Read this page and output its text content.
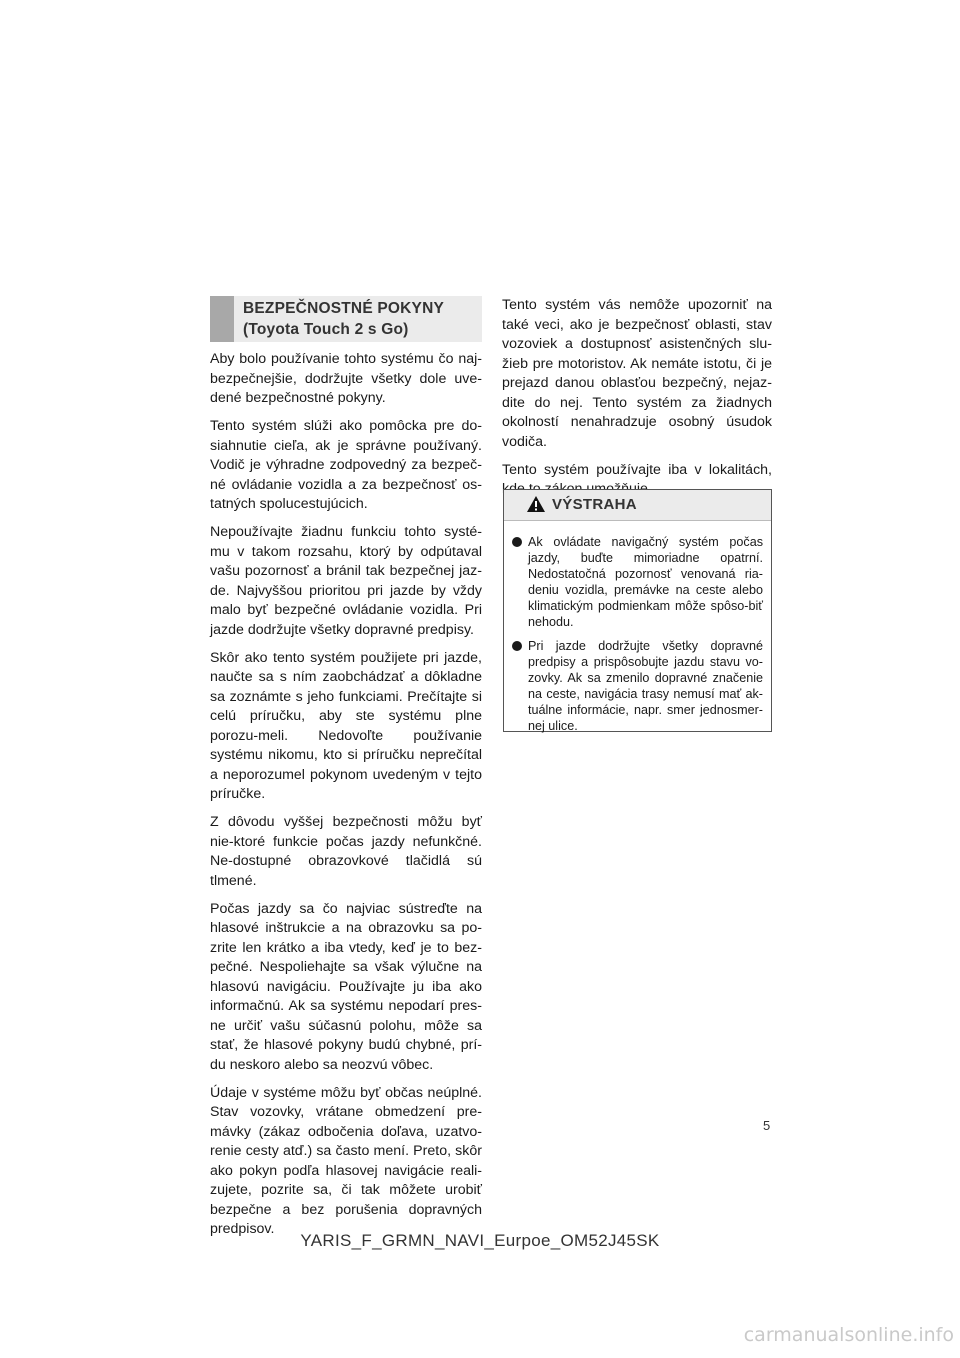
BEZPEČNOSTNÉ POKYNY
(Toyota Touch 2 s Go)

Aby bolo používanie tohto systému čo naj-bezpečnejšie, dodržujte všetky dole uve-dené bezpečnostné pokyny.

Tento systém slúži ako pomôcka pre do-siahnutie cieľa, ak je správne používaný. Vodič je výhradne zodpovedný za bezpeč-né ovládanie vozidla a za bezpečnosť os-tatných spolucestujúcich.

Nepoužívajte žiadnu funkciu tohto systé-mu v takom rozsahu, ktorý by odpútaval vašu pozornosť a bránil tak bezpečnej jaz-de. Najvyššou prioritou pri jazde by vždy malo byť bezpečné ovládanie vozidla. Pri jazde dodržujte všetky dopravné predpisy.

Skôr ako tento systém použijete pri jazde, naučte sa s ním zaobchádzať a dôkladne sa zoznámte s jeho funkciami. Prečítajte si celú príručku, aby ste systému plne porozu-meli. Nedovoľte používanie systému nikomu, kto si príručku neprečítal a neporozumel pokynom uvedeným v tejto príručke.

Z dôvodu vyššej bezpečnosti môžu byť nie-ktoré funkcie počas jazdy nefunkčné. Ne-dostupné obrazovkové tlačidlá sú tlmené.

Počas jazdy sa čo najviac sústreďte na hlasové inštrukcie a na obrazovku sa po-zrite len krátko a iba vtedy, keď je to bez-pečné. Nespoliehajte sa však výlučne na hlasovú navigáciu. Používajte ju iba ako informačnú. Ak sa systému nepodarí pres-ne určiť vašu súčasnú polohu, môže sa stať, že hlasové pokyny budú chybné, prí-du neskoro alebo sa neozvú vôbec.

Údaje v systéme môžu byť občas neúplné. Stav vozovky, vrátane obmedzení pre-mávky (zákaz odbočenia doľava, uzatvo-renie cesty atď.) sa často mení. Preto, skôr ako pokyn podľa hlasovej navigácie reali-zujete, pozrite sa, či tak môžete urobiť bezpečne a bez porušenia dopravných predpisov.

Tento systém vás nemôže upozorniť na také veci, ako je bezpečnosť oblasti, stav vozoviek a dostupnosť asistenčných slu-žieb pre motoristov. Ak nemáte istotu, či je prejazd danou oblasťou bezpečný, nejaz-dite do nej. Tento systém za žiadnych okolností nenahradzuje osobný úsudok vodiča.

Tento systém používajte iba v lokalitách,

VÝSTRAHA
Ak ovládate navigačný systém počas jazdy, buďte mimoriadne opatrní. Nedostatočná pozornosť venovaná ria-deniu vozidla, premávke na ceste alebo klimatickým podmienkam môže spôso-biť nehodu.
Pri jazde dodržujte všetky dopravné predpisy a prispôsobujte jazdu stavu vo-zovky. Ak sa zmenilo dopravné značenie na ceste, navigácia trasy nemusí mať ak-tuálne informácie, napr. smer jednosmer-nej ulice.
5
YARIS_F_GRMN_NAVI_Eurpoe_OM52J45SK
carmanualsonline.info
